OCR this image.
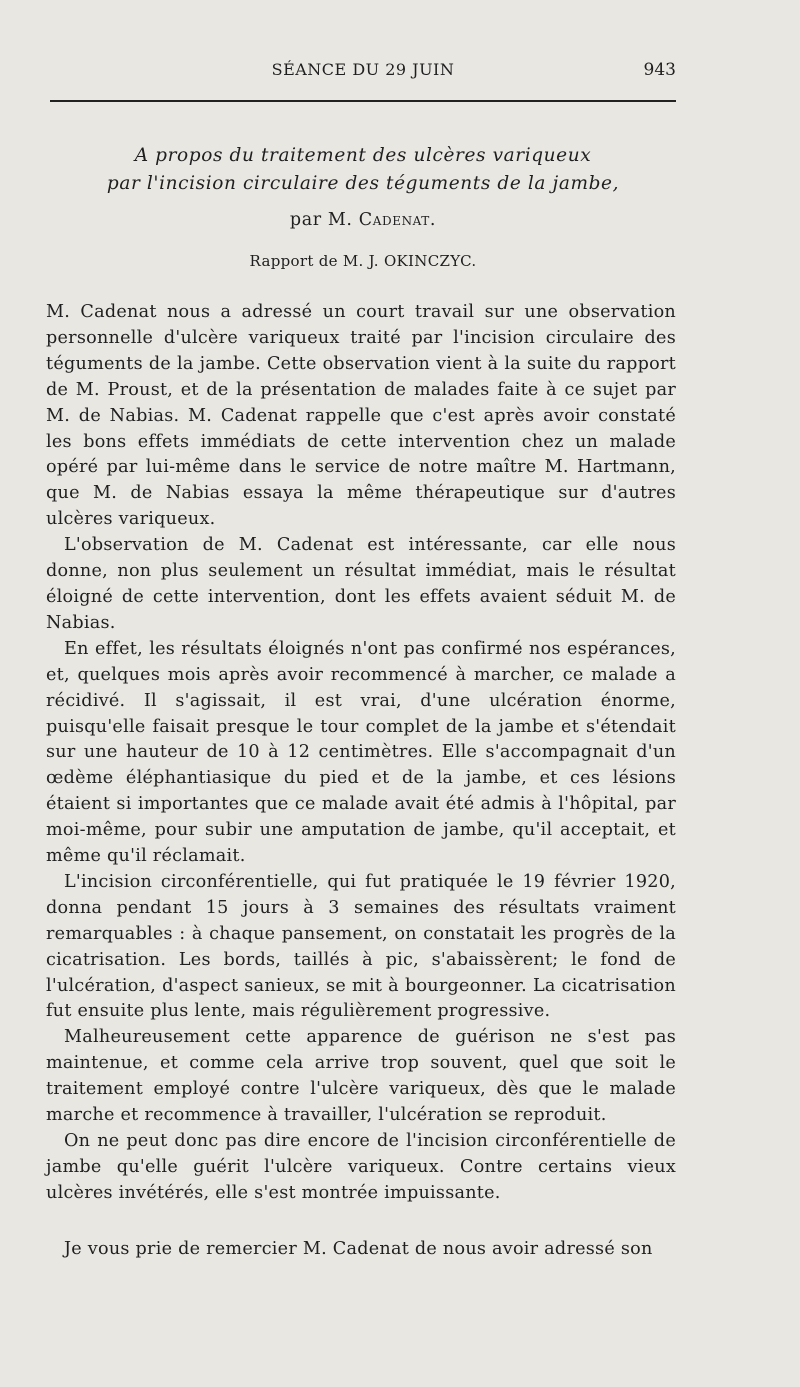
SÉANCE DU 29 JUIN	943
A propos du traitement des ulcères variqueux
par l'incision circulaire des téguments de la jambe,
par M. Cadenat.
Rapport de M. J. OKINCZYC.

M. Cadenat nous a adressé un court travail sur une observation personnelle d'ulcère variqueux traité par l'incision circulaire des téguments de la jambe. Cette observation vient à la suite du rapport de M. Proust, et de la présentation de malades faite à ce sujet par M. de Nabias. M. Cadenat rappelle que c'est après avoir constaté les bons effets immédiats de cette intervention chez un malade opéré par lui-même dans le service de notre maître M. Hartmann, que M. de Nabias essaya la même thérapeutique sur d'autres ulcères variqueux.

L'observation de M. Cadenat est intéressante, car elle nous donne, non plus seulement un résultat immédiat, mais le résultat éloigné de cette intervention, dont les effets avaient séduit M. de Nabias.

En effet, les résultats éloignés n'ont pas confirmé nos espérances, et, quelques mois après avoir recommencé à marcher, ce malade a récidivé. Il s'agissait, il est vrai, d'une ulcération énorme, puisqu'elle faisait presque le tour complet de la jambe et s'étendait sur une hauteur de 10 à 12 centimètres. Elle s'accompagnait d'un œdème éléphantiasique du pied et de la jambe, et ces lésions étaient si importantes que ce malade avait été admis à l'hôpital, par moi-même, pour subir une amputation de jambe, qu'il acceptait, et même qu'il réclamait.

L'incision circonférentielle, qui fut pratiquée le 19 février 1920, donna pendant 15 jours à 3 semaines des résultats vraiment remarquables : à chaque pansement, on constatait les progrès de la cicatrisation. Les bords, taillés à pic, s'abaissèrent; le fond de l'ulcération, d'aspect sanieux, se mit à bourgeonner. La cicatrisation fut ensuite plus lente, mais régulièrement progressive.

Malheureusement cette apparence de guérison ne s'est pas maintenue, et comme cela arrive trop souvent, quel que soit le traitement employé contre l'ulcère variqueux, dès que le malade marche et recommence à travailler, l'ulcération se reproduit.

On ne peut donc pas dire encore de l'incision circonférentielle de jambe qu'elle guérit l'ulcère variqueux. Contre certains vieux ulcères invétérés, elle s'est montrée impuissante.

Je vous prie de remercier M. Cadenat de nous avoir adressé son
